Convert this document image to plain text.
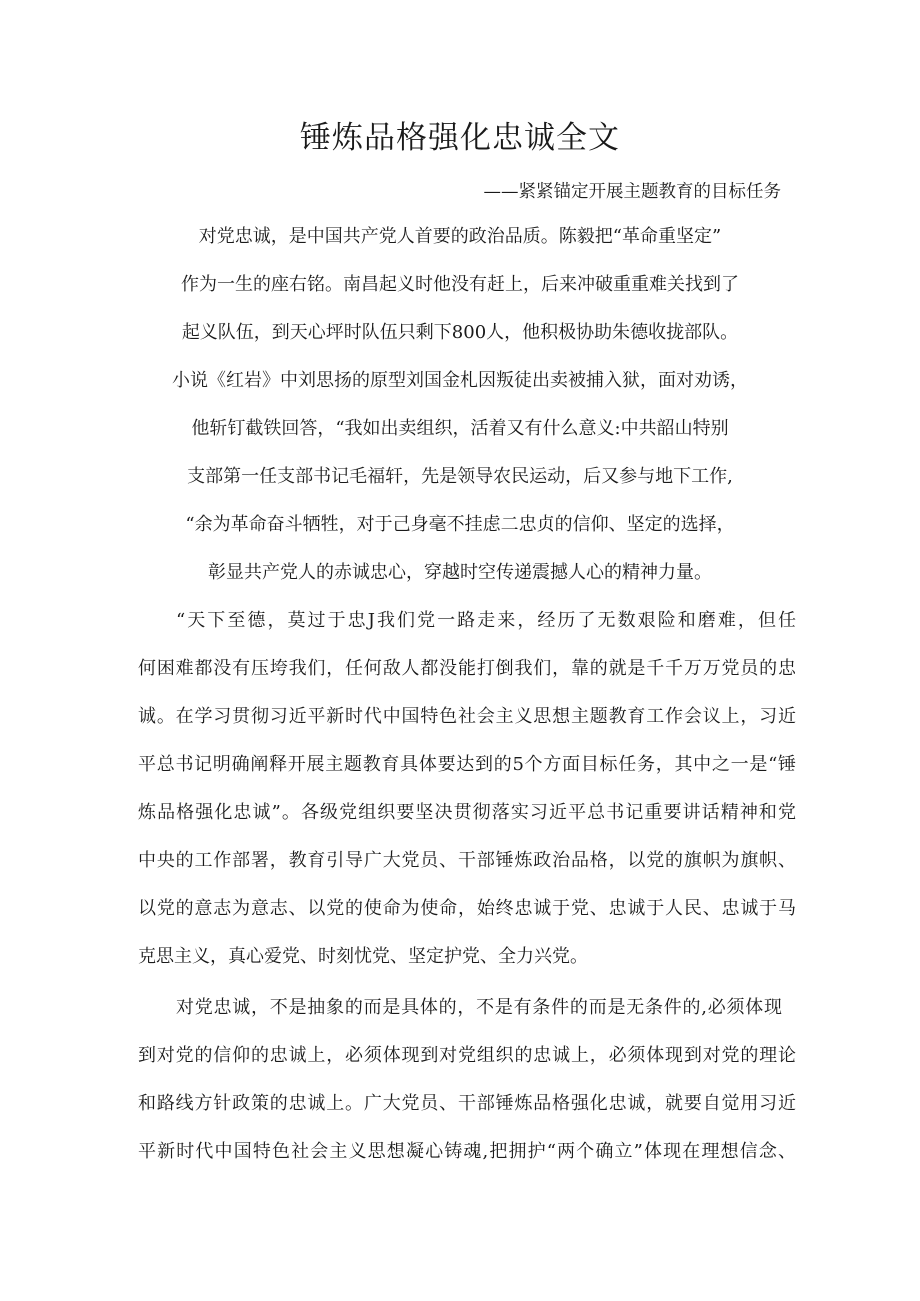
锤炼品格强化忠诚全文

——紧紧锚定开展主题教育的目标任务

对党忠诚，是中国共产党人首要的政治品质。陈毅把“革命重坚定”

作为一生的座右铭。南昌起义时他没有赶上，后来冲破重重难关找到了

起义队伍，到天心坪时队伍只剩下800人，他积极协助朱德收拢部队。

小说《红岩》中刘思扬的原型刘国金札因叛徒出卖被捕入狱，面对劝诱，

他斩钉截铁回答，“我如出卖组织，活着又有什么意义:中共韶山特别

支部第一任支部书记毛福轩，先是领导农民运动，后又参与地下工作,

“余为革命奋斗牺牲，对于己身毫不挂虑二忠贞的信仰、坚定的选择，

彰显共产党人的赤诚忠心，穿越时空传递震撼人心的精神力量。

“天下至德，莫过于忠J我们党一路走来，经历了无数艰险和磨难，但任

何困难都没有压垮我们，任何敌人都没能打倒我们，靠的就是千千万万党员的忠

诚。在学习贯彻习近平新时代中国特色社会主义思想主题教育工作会议上，习近

平总书记明确阐释开展主题教育具体要达到的5个方面目标任务，其中之一是“锤

炼品格强化忠诚”。各级党组织要坚决贯彻落实习近平总书记重要讲话精神和党

中央的工作部署，教育引导广大党员、干部锤炼政治品格，以党的旗帜为旗帜、

以党的意志为意志、以党的使命为使命，始终忠诚于党、忠诚于人民、忠诚于马

克思主义，真心爱党、时刻忧党、坚定护党、全力兴党。

对党忠诚，不是抽象的而是具体的，不是有条件的而是无条件的,必须体现

到对党的信仰的忠诚上，必须体现到对党组织的忠诚上，必须体现到对党的理论

和路线方针政策的忠诚上。广大党员、干部锤炼品格强化忠诚，就要自觉用习近

平新时代中国特色社会主义思想凝心铸魂,把拥护“两个确立”体现在理想信念、
